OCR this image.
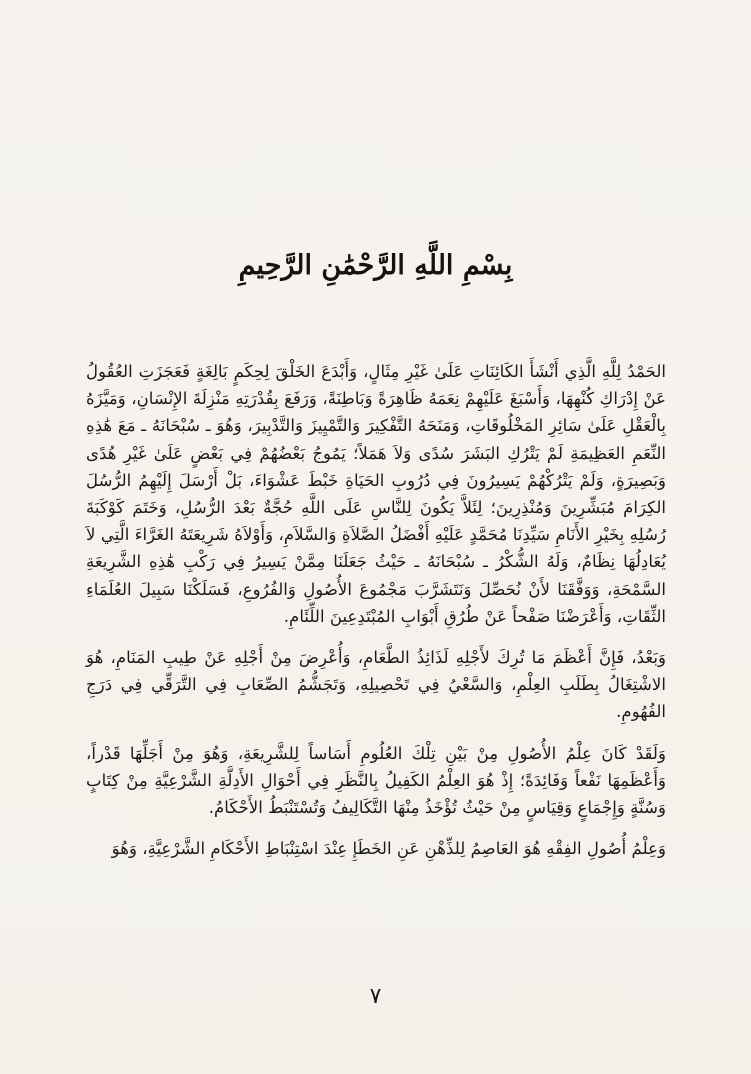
بِسْمِ اللَّهِ الرَّحْمَٰنِ الرَّحِيمِ

الحَمْدُ لِلَّهِ الَّذِي أَنْشَأَ الكَائِنَاتِ عَلَىٰ غَيْرِ مِثَالٍ، وَأَبْدَعَ الخَلْقَ لِحِكَمٍ بَالِغَةٍ فَعَجَزَتِ العُقُولُ عَنْ إِدْرَاكِ كُنْهِهَا، وَأَسْبَغَ عَلَيْهِمْ نِعَمَهُ ظَاهِرَةً وَبَاطِنَةً، وَرَفَعَ بِقُدْرَتِهِ مَنْزِلَةَ الإِنْسَانِ، وَمَيَّزَهُ بِالْعَقْلِ عَلَىٰ سَائِرِ المَخْلُوقَاتِ، وَمَنَحَهُ التَّفْكِيرَ وَالتَّمْيِيزَ وَالتَّدْبِيرَ، وَهُوَ ـ سُبْحَانَهُ ـ مَعَ هَٰذِهِ النِّعَمِ العَظِيمَةِ لَمْ يَتْرُكِ البَشَرَ سُدًى وَلاَ هَمَلاً؛ يَمُوجُ بَعْضُهُمْ فِي بَعْضٍ عَلَىٰ غَيْرِ هُدًى وَبَصِيرَةٍ، وَلَمْ يَتْرُكْهُمْ يَسِيرُونَ فِي دُرُوبِ الحَيَاةِ خَبْطَ عَشْوَاءَ، بَلْ أَرْسَلَ إِلَيْهِمُ الرُّسُلَ الكِرَامَ مُبَشِّرِينَ وَمُنْذِرِينَ؛ لِئَلاَّ يَكُونَ لِلنَّاسِ عَلَى اللَّهِ حُجَّةٌ بَعْدَ الرُّسُلِ، وَخَتَمَ كَوْكَبَةَ رُسُلِهِ بِخَيْرِ الأَنَامِ سَيِّدِنَا مُحَمَّدٍ عَلَيْهِ أَفْضَلُ الصَّلاَةِ وَالسَّلاَمِ، وَأَوْلاَهُ شَرِيعَتَهُ الغَرَّاءَ الَّتِي لاَ يُعَادِلُهَا نِظَامٌ، وَلَهُ الشُّكْرُ ـ سُبْحَانَهُ ـ حَيْثُ جَعَلَنَا مِمَّنْ يَسِيرُ فِي رَكْبِ هَٰذِهِ الشَّرِيعَةِ السَّمْحَةِ، وَوَفَّقَنَا لأَنْ نُحَصِّلَ وَنَتَشَرَّبَ مَجْمُوعَ الأُصُولِ وَالفُرُوعِ، فَسَلَكْنَا سَبِيلَ العُلَمَاءِ الثِّقَاتِ، وَأَعْرَضْنَا صَفْحاً عَنْ طُرُقِ أَبْوَابِ المُبْتَدِعِينَ اللِّئَامِ.

وَبَعْدُ، فَإِنَّ أَعْظَمَ مَا تُرِكَ لأَجْلِهِ لَذَائِذُ الطَّعَامِ، وَأُعْرِضَ مِنْ أَجْلِهِ عَنْ طِيبِ المَنَامِ، هُوَ الاشْتِغَالُ بِطَلَبِ العِلْمِ، وَالسَّعْيُ فِي تَحْصِيلِهِ، وَتَجَشُّمُ الصِّعَابِ فِي التَّرَقِّي فِي دَرَجِ الفُهُومِ.

وَلَقَدْ كَانَ عِلْمُ الأُصُولِ مِنْ بَيْنِ تِلْكَ العُلُومِ أَسَاساً لِلشَّرِيعَةِ، وَهُوَ مِنْ أَجَلِّهَا قَدْراً، وَأَعْظَمِهَا نَفْعاً وَفَائِدَةً؛ إِذْ هُوَ العِلْمُ الكَفِيلُ بِالنَّظَرِ فِي أَحْوَالِ الأَدِلَّةِ الشَّرْعِيَّةِ مِنْ كِتَابٍ وَسُنَّةٍ وَإِجْمَاعٍ وَقِيَاسٍ مِنْ حَيْثُ تُؤْخَذُ مِنْهَا التَّكَالِيفُ وَتُسْتَنْبَطُ الأَحْكَامُ.

وَعِلْمُ أُصُولِ الفِقْهِ هُوَ العَاصِمُ لِلذِّهْنِ عَنِ الخَطَإِ عِنْدَ اسْتِنْبَاطِ الأَحْكَامِ الشَّرْعِيَّةِ، وَهُوَ

٧
